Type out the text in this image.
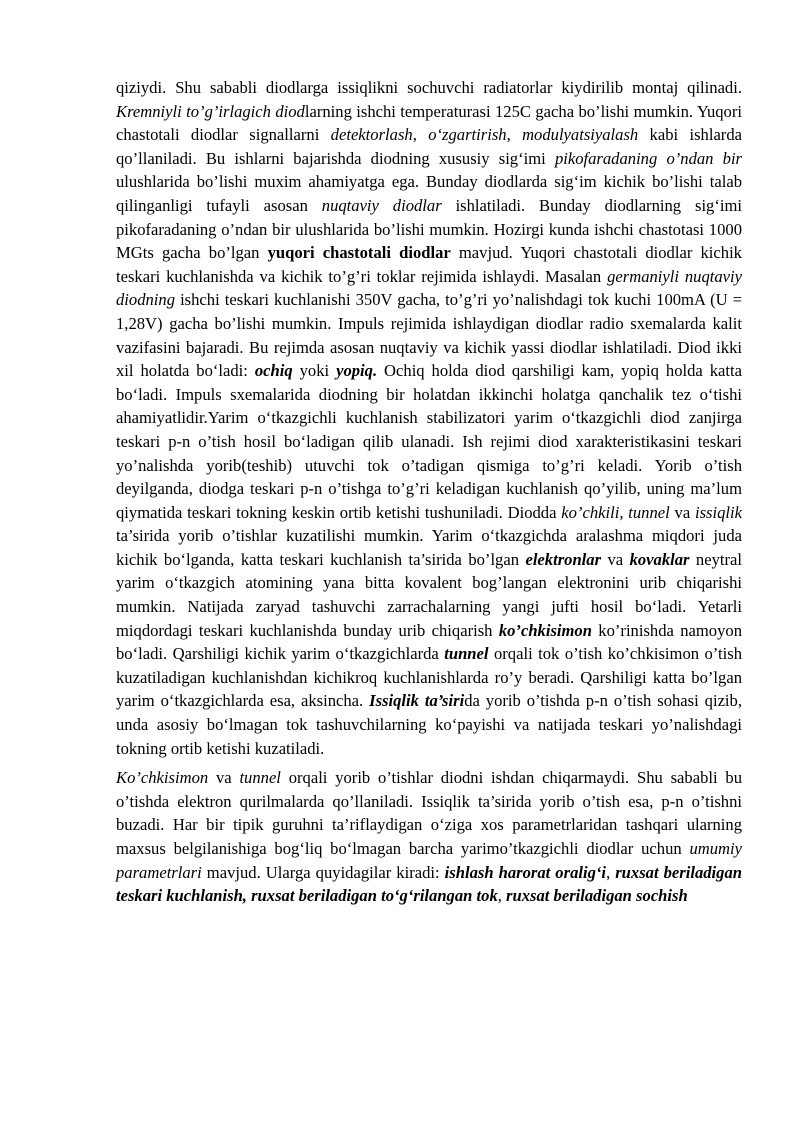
qiziydi. Shu sababli diodlarga issiqlikni sochuvchi radiatorlar kiydirilib montaj qilinadi. Kremniyli to’g’irlagich diodlarning ishchi temperaturasi 125C gacha bo’lishi mumkin. Yuqori chastotali diodlar signallarni detektorlash, o‘zgartirish, modulyatsiyalash kabi ishlarda qo’llaniladi. Bu ishlarni bajarishda diodning xususiy sig‘imi pikofaradaning o’ndan bir ulushlarida bo’lishi muxim ahamiyatga ega. Bunday diodlarda sig‘im kichik bo’lishi talab qilinganligi tufayli asosan nuqtaviy diodlar ishlatiladi. Bunday diodlarning sig‘imi pikofaradaning o’ndan bir ulushlarida bo’lishi mumkin. Hozirgi kunda ishchi chastotasi 1000 MGts gacha bo’lgan yuqori chastotali diodlar mavjud. Yuqori chastotali diodlar kichik teskari kuchlanishda va kichik to’g’ri toklar rejimida ishlaydi. Masalan germaniyli nuqtaviy diodning ishchi teskari kuchlanishi 350V gacha, to’g’ri yo’nalishdagi tok kuchi 100mA (U = 1,28V) gacha bo’lishi mumkin. Impuls rejimida ishlaydigan diodlar radio sxemalarda kalit vazifasini bajaradi. Bu rejimda asosan nuqtaviy va kichik yassi diodlar ishlatiladi. Diod ikki xil holatda bo‘ladi: ochiq yoki yopiq. Ochiq holda diod qarshiligi kam, yopiq holda katta bo‘ladi. Impuls sxemalarida diodning bir holatdan ikkinchi holatga qanchalik tez o‘tishi ahamiyatlidir.Yarim o‘tkazgichli kuchlanish stabilizatori yarim o‘tkazgichli diod zanjirga teskari p-n o’tish hosil bo‘ladigan qilib ulanadi. Ish rejimi diod xarakteristikasini teskari yo’nalishda yorib(teshib) utuvchi tok o’tadigan qismiga to’g’ri keladi. Yorib o’tish deyilganda, diodga teskari p-n o’tishga to’g’ri keladigan kuchlanish qo’yilib, uning ma’lum qiymatida teskari tokning keskin ortib ketishi tushuniladi. Diodda ko’chkili, tunnel va issiqlik ta’sirida yorib o’tishlar kuzatilishi mumkin. Yarim o‘tkazgichda aralashma miqdori juda kichik bo‘lganda, katta teskari kuchlanish ta’sirida bo’lgan elektronlar va kovaklar neytral yarim o‘tkazgich atomining yana bitta kovalent bog’langan elektronini urib chiqarishi mumkin. Natijada zaryad tashuvchi zarrachalarning yangi jufti hosil bo‘ladi. Yetarli miqdordagi teskari kuchlanishda bunday urib chiqarish ko’chkisimon ko’rinishda namoyon bo‘ladi. Qarshiligi kichik yarim o‘tkazgichlarda tunnel orqali tok o’tish ko’chkisimon o’tish kuzatiladigan kuchlanishdan kichikroq kuchlanishlarda ro’y beradi. Qarshiligi katta bo’lgan yarim o‘tkazgichlarda esa, aksincha. Issiqlik ta’sirida yorib o’tishda p-n o’tish sohasi qizib, unda asosiy bo‘lmagan tok tashuvchilarning ko‘payishi va natijada teskari yo’nalishdagi tokning ortib ketishi kuzatiladi.

Ko’chkisimon va tunnel orqali yorib o’tishlar diodni ishdan chiqarmaydi. Shu sababli bu o’tishda elektron qurilmalarda qo’llaniladi. Issiqlik ta’sirida yorib o’tish esa, p-n o’tishni buzadi. Har bir tipik guruhni ta’riflaydigan o‘ziga xos parametrlaridan tashqari ularning maxsus belgilanishiga bog‘liq bo‘lmagan barcha yarimo’tkazgichli diodlar uchun umumiy parametrlari mavjud. Ularga quyidagilar kiradi: ishlash harorat oralig‘i, ruxsat beriladigan teskari kuchlanish, ruxsat beriladigan to‘g‘rilangan tok, ruxsat beriladigan sochish
